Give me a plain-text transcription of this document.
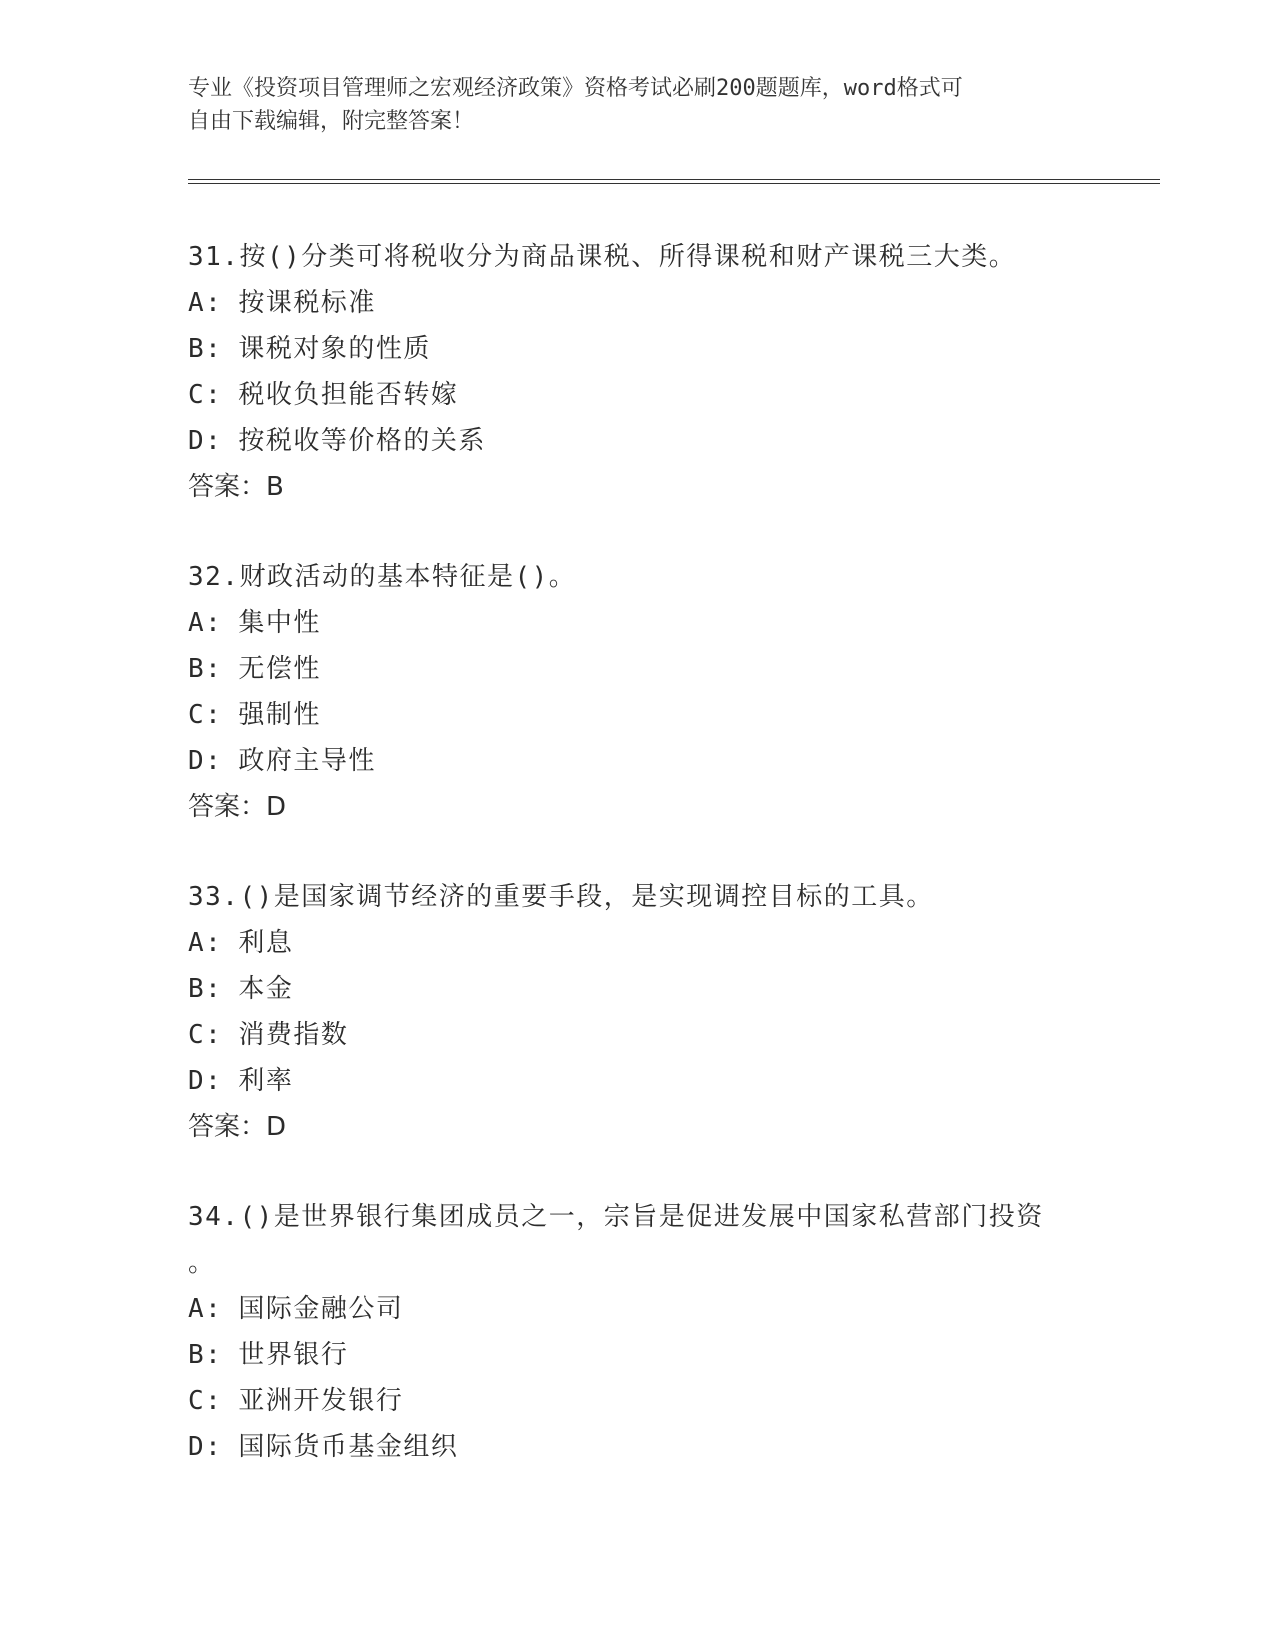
专业《投资项目管理师之宏观经济政策》资格考试必刷200题题库，word格式可
自由下载编辑，附完整答案！

31.按()分类可将税收分为商品课税、所得课税和财产课税三大类。

A: 按课税标准

B: 课税对象的性质

C: 税收负担能否转嫁

D: 按税收等价格的关系

答案：B

32.财政活动的基本特征是()。

A: 集中性

B: 无偿性

C: 强制性

D: 政府主导性

答案：D

33.()是国家调节经济的重要手段，是实现调控目标的工具。

A: 利息

B: 本金

C: 消费指数

D: 利率

答案：D

34.()是世界银行集团成员之一，宗旨是促进发展中国家私营部门投资

。

A: 国际金融公司

B: 世界银行

C: 亚洲开发银行

D: 国际货币基金组织
